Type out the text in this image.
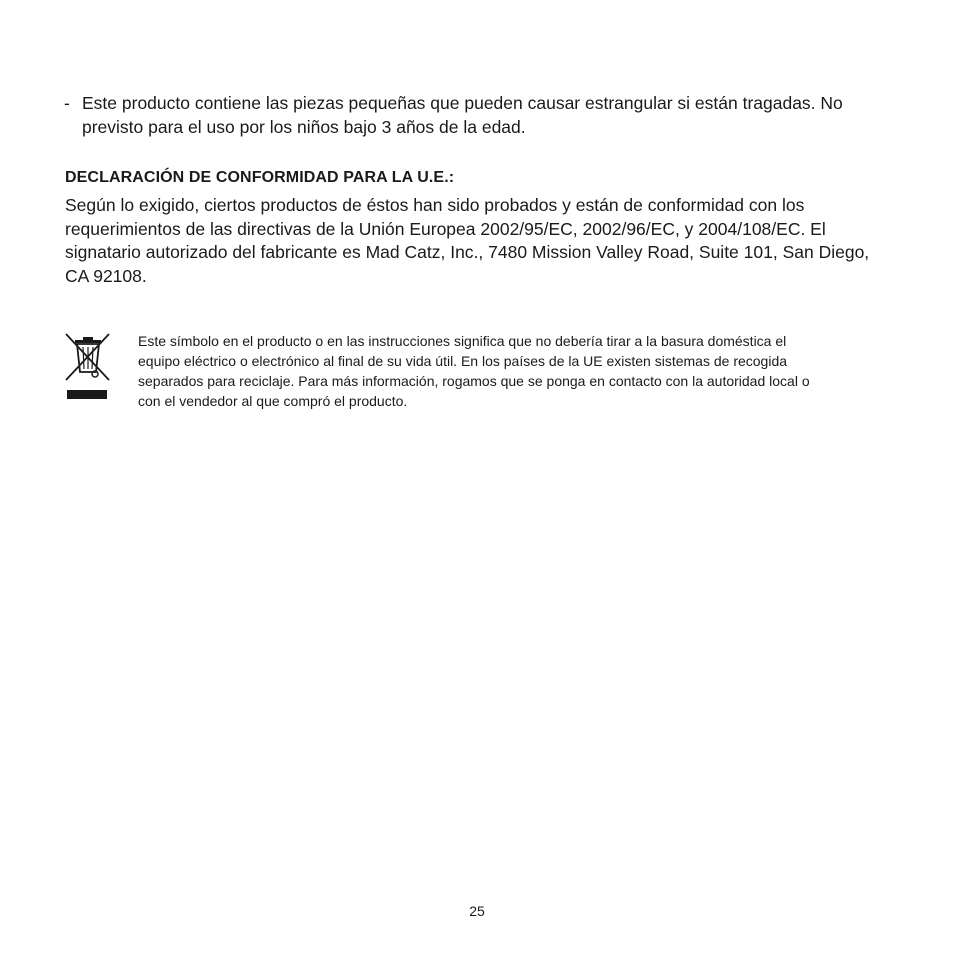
- Este producto contiene las piezas pequeñas que pueden causar estrangular si están tragadas. No previsto para el uso por los niños bajo 3 años de la edad.
DECLARACIÓN DE CONFORMIDAD PARA LA U.E.:
Según lo exigido, ciertos productos de éstos han sido probados y están de conformidad con los requerimientos de las directivas de la Unión Europea 2002/95/EC, 2002/96/EC, y 2004/108/EC. El signatario autorizado del fabricante es Mad Catz, Inc., 7480 Mission Valley Road, Suite 101, San Diego, CA 92108.
Este símbolo en el producto o en las instrucciones significa que no debería tirar a la basura doméstica el equipo eléctrico o electrónico al final de su vida útil. En los países de la UE existen sistemas de recogida separados para reciclaje. Para más información, rogamos que se ponga en contacto con la autoridad local o con el vendedor al que compró el producto.
25
